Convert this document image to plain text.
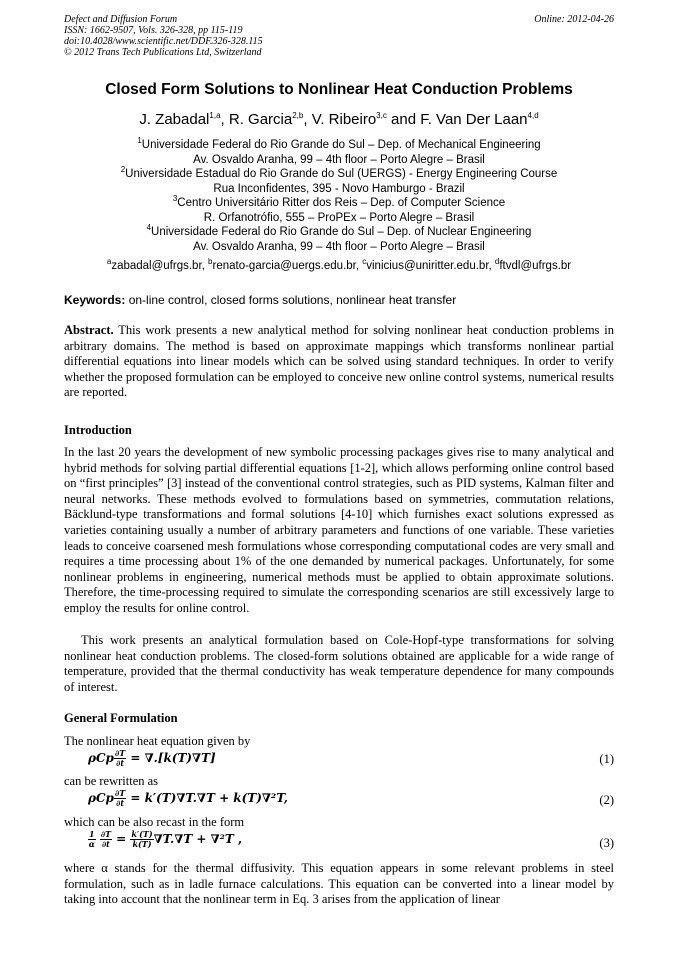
Defect and Diffusion Forum
ISSN: 1662-9507, Vols. 326-328, pp 115-119
doi:10.4028/www.scientific.net/DDF.326-328.115
© 2012 Trans Tech Publications Ltd, Switzerland
Online: 2012-04-26
Closed Form Solutions to Nonlinear Heat Conduction Problems
J. Zabadal$^{1,a}$, R. Garcia$^{2,b}$, V. Ribeiro$^{3,c}$ and F. Van Der Laan$^{4,d}$
$^1$Universidade Federal do Rio Grande do Sul – Dep. of Mechanical Engineering
Av. Osvaldo Aranha, 99 – 4th floor – Porto Alegre – Brasil
$^2$Universidade Estadual do Rio Grande do Sul (UERGS) - Energy Engineering Course
Rua Inconfidentes, 395 - Novo Hamburgo - Brazil
$^3$Centro Universitário Ritter dos Reis – Dep. of Computer Science
R. Orfanotrófio, 555 – ProPEx – Porto Alegre – Brasil
$^4$Universidade Federal do Rio Grande do Sul – Dep. of Nuclear Engineering
Av. Osvaldo Aranha, 99 – 4th floor – Porto Alegre – Brasil
$^a$zabadal@ufrgs.br, $^b$renato-garcia@uergs.edu.br, $^c$vinicius@uniritter.edu.br, $^d$ftvdl@ufrgs.br
Keywords: on-line control, closed forms solutions, nonlinear heat transfer
Abstract. This work presents a new analytical method for solving nonlinear heat conduction problems in arbitrary domains. The method is based on approximate mappings which transforms nonlinear partial differential equations into linear models which can be solved using standard techniques. In order to verify whether the proposed formulation can be employed to conceive new online control systems, numerical results are reported.
Introduction
In the last 20 years the development of new symbolic processing packages gives rise to many analytical and hybrid methods for solving partial differential equations [1-2], which allows performing online control based on “first principles” [3] instead of the conventional control strategies, such as PID systems, Kalman filter and neural networks. These methods evolved to formulations based on symmetries, commutation relations, Bäcklund-type transformations and formal solutions [4-10] which furnishes exact solutions expressed as varieties containing usually a number of arbitrary parameters and functions of one variable. These varieties leads to conceive coarsened mesh formulations whose corresponding computational codes are very small and requires a time processing about 1% of the one demanded by numerical packages. Unfortunately, for some nonlinear problems in engineering, numerical methods must be applied to obtain approximate solutions. Therefore, the time-processing required to simulate the corresponding scenarios are still excessively large to employ the results for online control.
This work presents an analytical formulation based on Cole-Hopf-type transformations for solving nonlinear heat conduction problems. The closed-form solutions obtained are applicable for a wide range of temperature, provided that the thermal conductivity has weak temperature dependence for many compounds of interest.
General Formulation
The nonlinear heat equation given by
ρCp $\frac{\partial T}{\partial t} = \nabla.[k(T)\nabla T]$	(1)
can be rewritten as
ρCp $\frac{\partial T}{\partial t} = k'(T)\nabla T.\nabla T + k(T)\nabla^2T$,	(2)
which can be also recast in the form
$\frac{1}{\alpha}$
$\frac{\partial T}{\partial t} = \frac{k'(T)}{k(T)} \nabla T.\nabla T + \nabla^2T$ ,	(3)
where α stands for the thermal diffusivity. This equation appears in some relevant problems in steel formulation, such as in ladle furnace calculations. This equation can be converted into a linear model by taking into account that the nonlinear term in Eq. 3 arises from the application of linear
